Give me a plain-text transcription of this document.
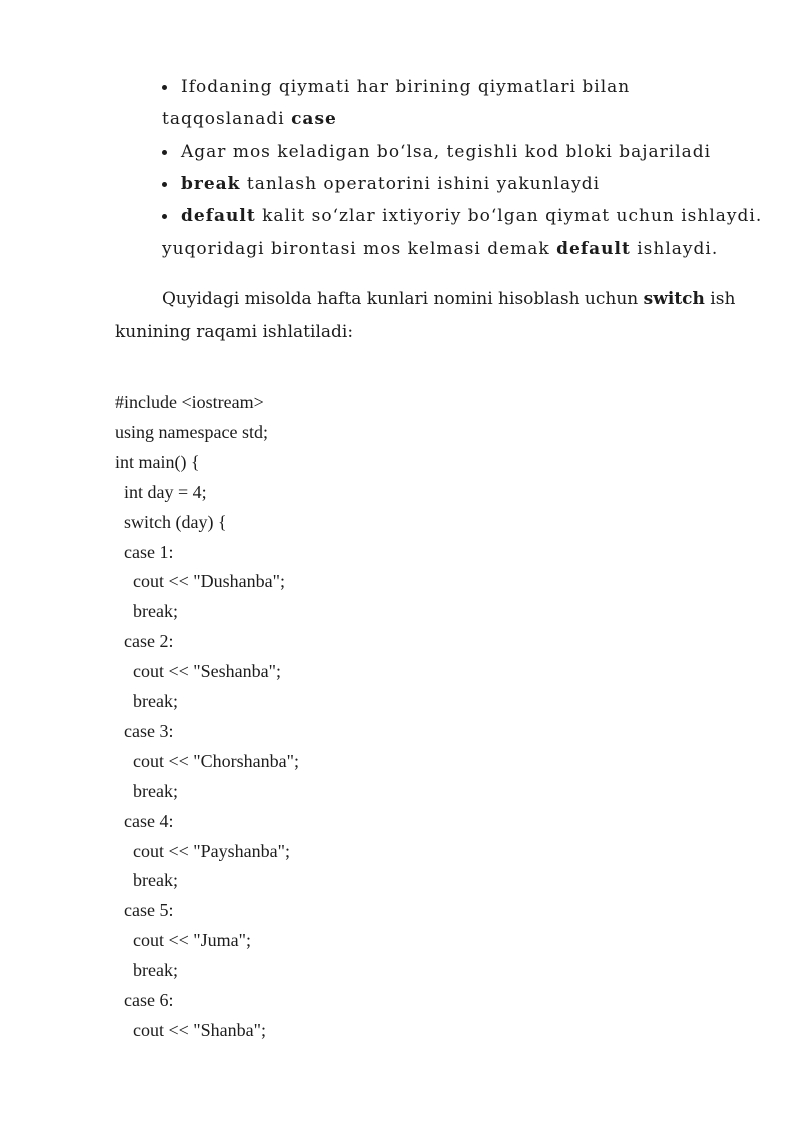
Ifodaning qiymati har birining qiymatlari bilan
taqqoslanadi case
Agar mos keladigan bo‘lsa, tegishli kod bloki bajariladi
break tanlash operatorini ishini yakunlaydi
default kalit so‘zlar ixtiyoriy bo‘lgan qiymat uchun ishlaydi.
yuqoridagi birontasi mos kelmasi demak default ishlaydi.
Quyidagi misolda hafta kunlari nomini hisoblash uchun switch ish
kunining raqami ishlatiladi:
#include <iostream>
using namespace std;
int main() {
int day = 4;
switch (day) {
case 1:
cout << "Dushanba";
break;
case 2:
cout << "Seshanba";
break;
case 3:
cout << "Chorshanba";
break;
case 4:
cout << "Payshanba";
break;
case 5:
cout << "Juma";
break;
case 6:
cout << "Shanba";
